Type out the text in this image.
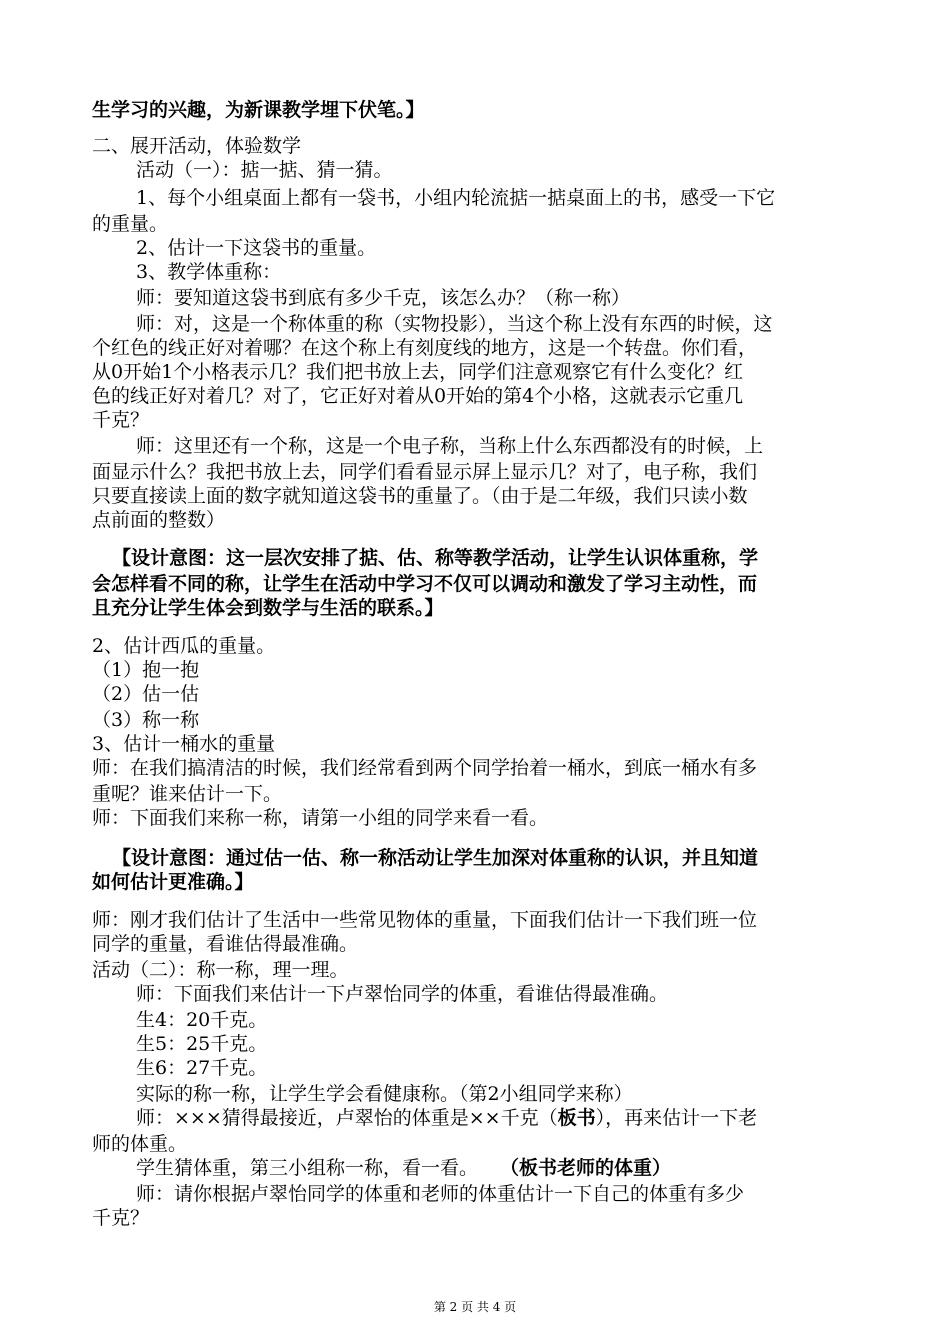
生学习的兴趣，为新课教学埋下伏笔。】
二、展开活动，体验数学
活动（一）：掂一掂、猜一猜。
1、每个小组桌面上都有一袋书，小组内轮流掂一掂桌面上的书，感受一下它
的重量。
2、估计一下这袋书的重量。
3、教学体重称：
师：要知道这袋书到底有多少千克，该怎么办？（称一称）
师：对，这是一个称体重的称（实物投影），当这个称上没有东西的时候，这
个红色的线正好对着哪？在这个称上有刻度线的地方，这是一个转盘。你们看，
从0开始1个小格表示几？我们把书放上去，同学们注意观察它有什么变化？红
色的线正好对着几？对了，它正好对着从0开始的第4个小格，这就表示它重几
千克？
师：这里还有一个称，这是一个电子称，当称上什么东西都没有的时候，上
面显示什么？我把书放上去，同学们看看显示屏上显示几？对了，电子称，我们
只要直接读上面的数字就知道这袋书的重量了。（由于是二年级，我们只读小数
点前面的整数）
【设计意图：这一层次安排了掂、估、称等教学活动，让学生认识体重称，学
会怎样看不同的称，让学生在活动中学习不仅可以调动和激发了学习主动性，而
且充分让学生体会到数学与生活的联系。】
2、估计西瓜的重量。
（1）抱一抱
（2）估一估
（3）称一称
3、估计一桶水的重量
师：在我们搞清洁的时候，我们经常看到两个同学抬着一桶水，到底一桶水有多
重呢？谁来估计一下。
师：下面我们来称一称，请第一小组的同学来看一看。
【设计意图：通过估一估、称一称活动让学生加深对体重称的认识，并且知道
如何估计更准确。】
师：刚才我们估计了生活中一些常见物体的重量，下面我们估计一下我们班一位
同学的重量，看谁估得最准确。
活动（二）：称一称，理一理。
师：下面我们来估计一下卢翠怡同学的体重，看谁估得最准确。
生4：20千克。
生5：25千克。
生6：27千克。
实际的称一称，让学生学会看健康称。（第2小组同学来称）
师：×××猜得最接近，卢翠怡的体重是××千克（板书），再来估计一下老
师的体重。
学生猜体重，第三小组称一称，看一看。 （板书老师的体重）
师：请你根据卢翠怡同学的体重和老师的体重估计一下自己的体重有多少
千克？
第 2 页 共 4 页
